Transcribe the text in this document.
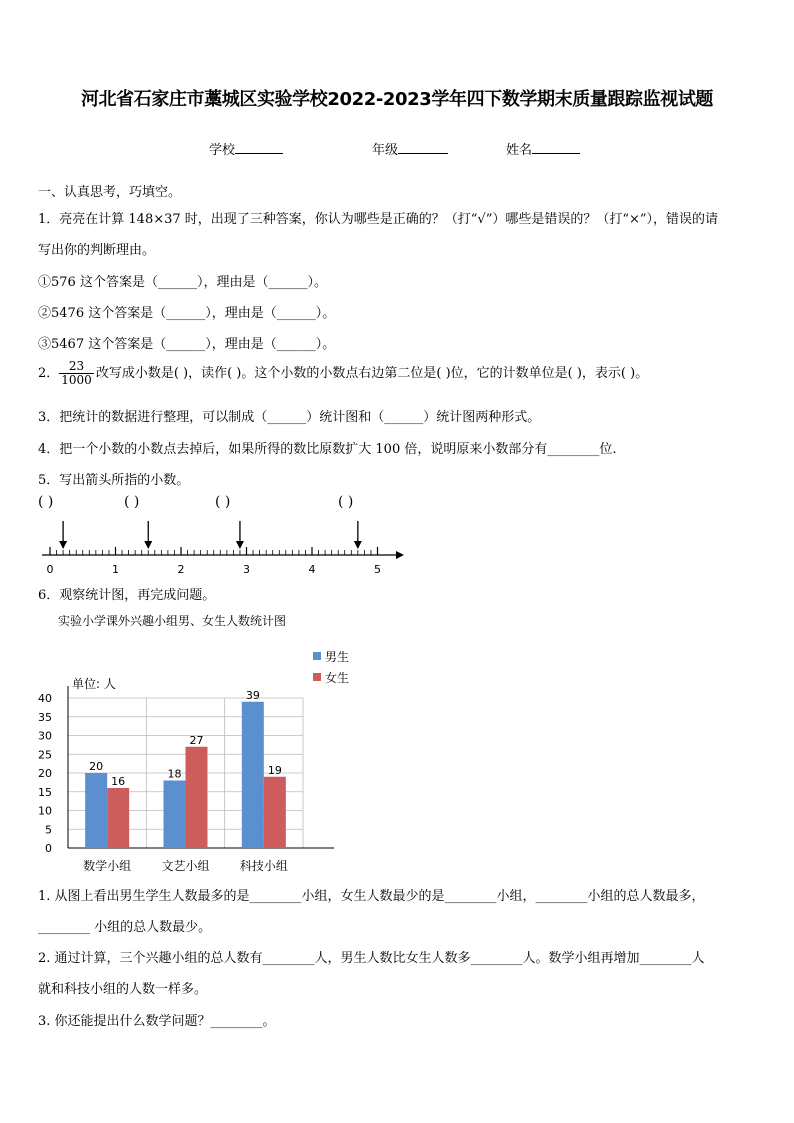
河北省石家庄市藁城区实验学校2022-2023学年四下数学期末质量跟踪监视试题
学校	年级	姓名
一、认真思考，巧填空。
1．亮亮在计算 148×37 时，出现了三种答案，你认为哪些是正确的？（打“√”）哪些是错误的？（打“×”），错误的请
写出你的判断理由。
①576 这个答案是（______），理由是（______）。
②5476 这个答案是（______），理由是（______）。
③5467 这个答案是（______），理由是（______）。
2． $\frac{23}{1000}$ 改写成小数是( )，读作( )。这个小数的小数点右边第二位是( )位，它的计数单位是( )，表示( )。
3．把统计的数据进行整理，可以制成（______）统计图和（______）统计图两种形式。
4．把一个小数的小数点去掉后，如果所得的数比原数扩大 100 倍，说明原来小数部分有________位.
5．写出箭头所指的小数。
( )	( )	( )	( )
0	1	2	3	4	5
6．观察统计图，再完成问题。
实验小学课外兴趣小组男、女生人数统计图
男生
女生
单位: 人
0
5
10
15
20
25
30
35
40
20
16
数学小组
18
27
文艺小组
39
19
科技小组
1. 从图上看出男生学生人数最多的是________小组，女生人数最少的是________小组，________小组的总人数最多，
________ 小组的总人数最少。
2. 通过计算，三个兴趣小组的总人数有________人，男生人数比女生人数多________人。数学小组再增加________人
就和科技小组的人数一样多。
3. 你还能提出什么数学问题？________。
